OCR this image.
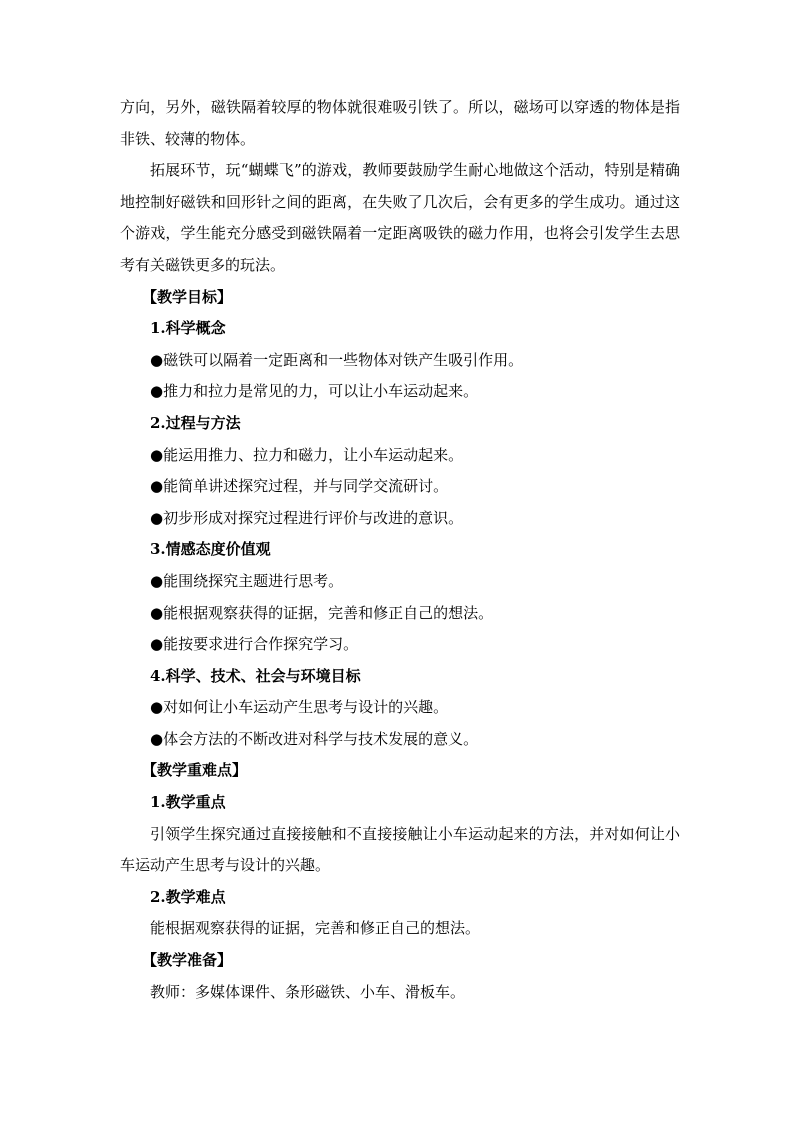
方向，另外，磁铁隔着较厚的物体就很难吸引铁了。所以，磁场可以穿透的物体是指非铁、较薄的物体。

拓展环节，玩“蝴蝶飞”的游戏，教师要鼓励学生耐心地做这个活动，特别是精确地控制好磁铁和回形针之间的距离，在失败了几次后，会有更多的学生成功。通过这个游戏，学生能充分感受到磁铁隔着一定距离吸铁的磁力作用，也将会引发学生去思考有关磁铁更多的玩法。

【教学目标】

1.科学概念

●磁铁可以隔着一定距离和一些物体对铁产生吸引作用。

●推力和拉力是常见的力，可以让小车运动起来。

2.过程与方法

●能运用推力、拉力和磁力，让小车运动起来。

●能简单讲述探究过程，并与同学交流研讨。

●初步形成对探究过程进行评价与改进的意识。

3.情感态度价值观

●能围绕探究主题进行思考。

●能根据观察获得的证据，完善和修正自己的想法。

●能按要求进行合作探究学习。

4.科学、技术、社会与环境目标

●对如何让小车运动产生思考与设计的兴趣。

●体会方法的不断改进对科学与技术发展的意义。

【教学重难点】

1.教学重点

引领学生探究通过直接接触和不直接接触让小车运动起来的方法，并对如何让小车运动产生思考与设计的兴趣。

2.教学难点

能根据观察获得的证据，完善和修正自己的想法。

【教学准备】

教师：多媒体课件、条形磁铁、小车、滑板车。
